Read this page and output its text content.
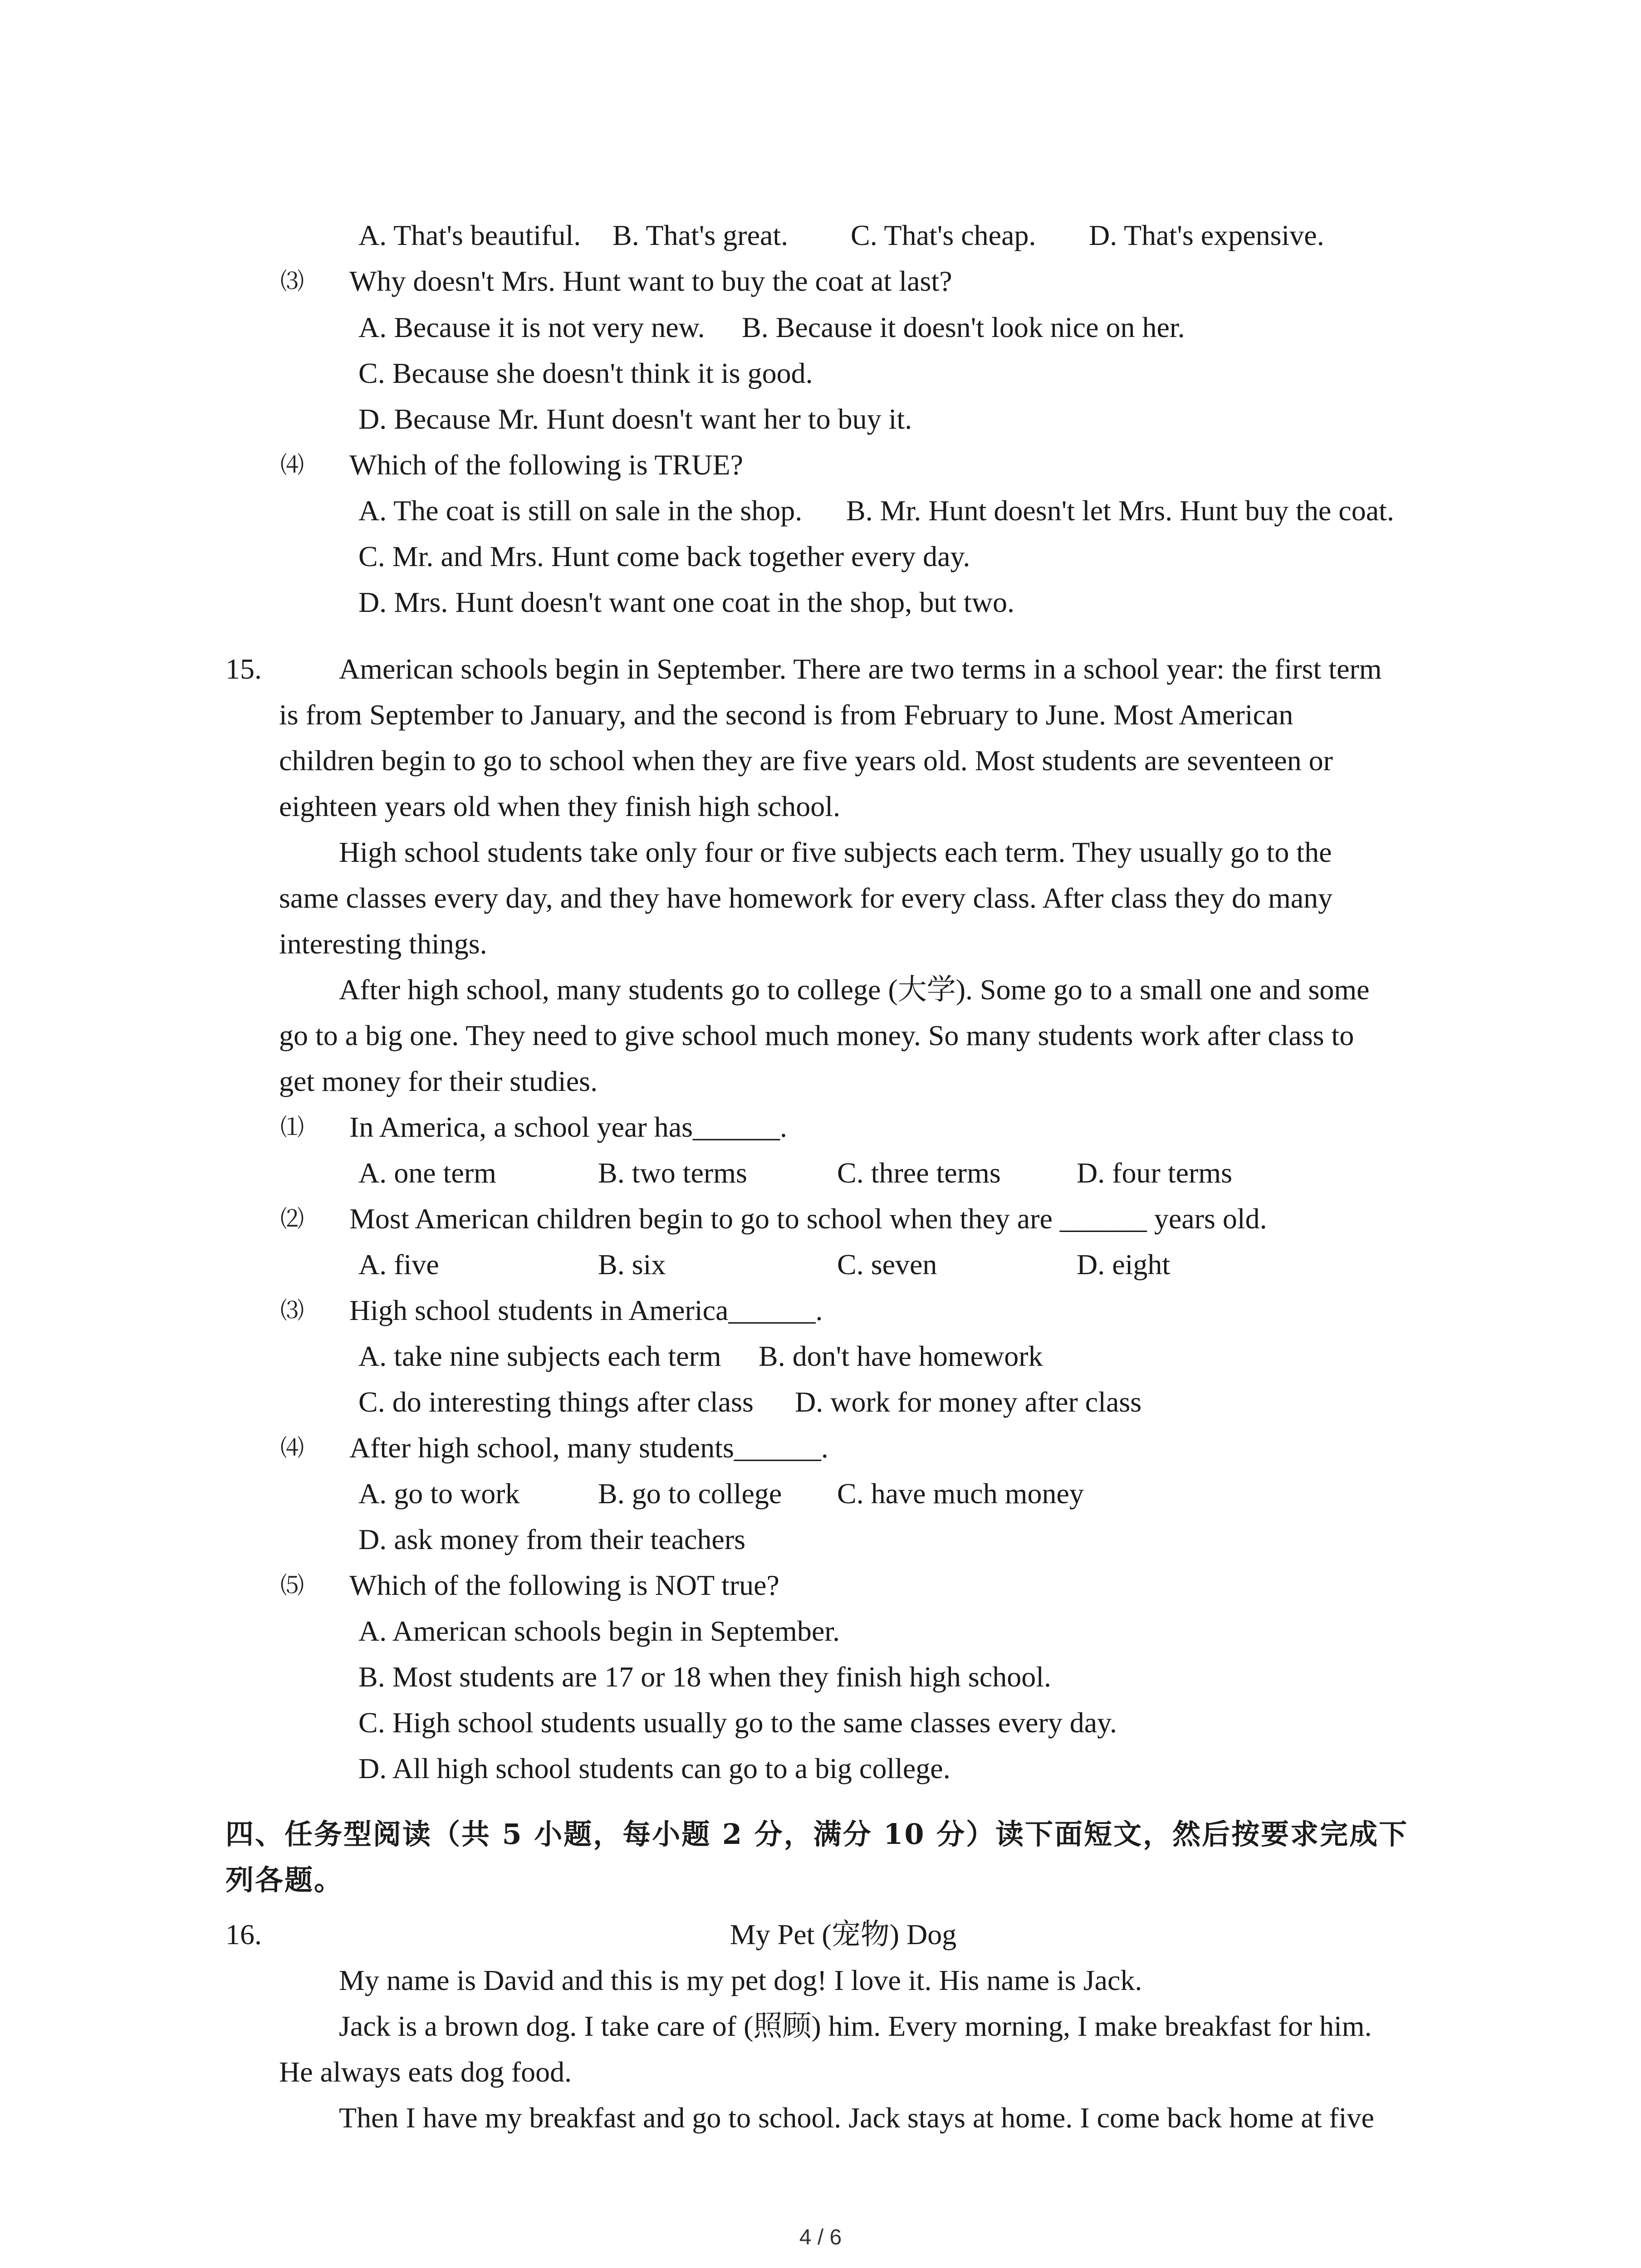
A. That's beautiful. B. That's great. C. That's cheap. D. That's expensive.
⑶ Why doesn't Mrs. Hunt want to buy the coat at last?
A. Because it is not very new. B. Because it doesn't look nice on her.
C. Because she doesn't think it is good.
D. Because Mr. Hunt doesn't want her to buy it.
⑷ Which of the following is TRUE?
A. The coat is still on sale in the shop. B. Mr. Hunt doesn't let Mrs. Hunt buy the coat.
C. Mr. and Mrs. Hunt come back together every day.
D. Mrs. Hunt doesn't want one coat in the shop, but two.
15.	American schools begin in September. There are two terms in a school year: the first term
is from September to January, and the second is from February to June. Most American
children begin to go to school when they are five years old. Most students are seventeen or
eighteen years old when they finish high school.
High school students take only four or five subjects each term. They usually go to the
same classes every day, and they have homework for every class. After class they do many
interesting things.
After high school, many students go to college (大学). Some go to a small one and some
go to a big one. They need to give school much money. So many students work after class to
get money for their studies.
⑴ In America, a school year has______.
A. one term	B. two terms	C. three terms	D. four terms
⑵ Most American children begin to go to school when they are ______ years old.
A. five	B. six	C. seven	D. eight
⑶ High school students in America______.
A. take nine subjects each term B. don't have homework
C. do interesting things after class D. work for money after class
⑷ After high school, many students______.
A. go to work	B. go to college C. have much money
D. ask money from their teachers
⑸ Which of the following is NOT true?
A. American schools begin in September.
B. Most students are 17 or 18 when they finish high school.
C. High school students usually go to the same classes every day.
D. All high school students can go to a big college.
四、任务型阅读（共 5 小题，每小题 2 分，满分 10 分）读下面短文，然后按要求完成下
列各题。
16.	My Pet (宠物) Dog
My name is David and this is my pet dog! I love it. His name is Jack.
Jack is a brown dog. I take care of (照顾) him. Every morning, I make breakfast for him.
He always eats dog food.
Then I have my breakfast and go to school. Jack stays at home. I come back home at five
4 / 6
